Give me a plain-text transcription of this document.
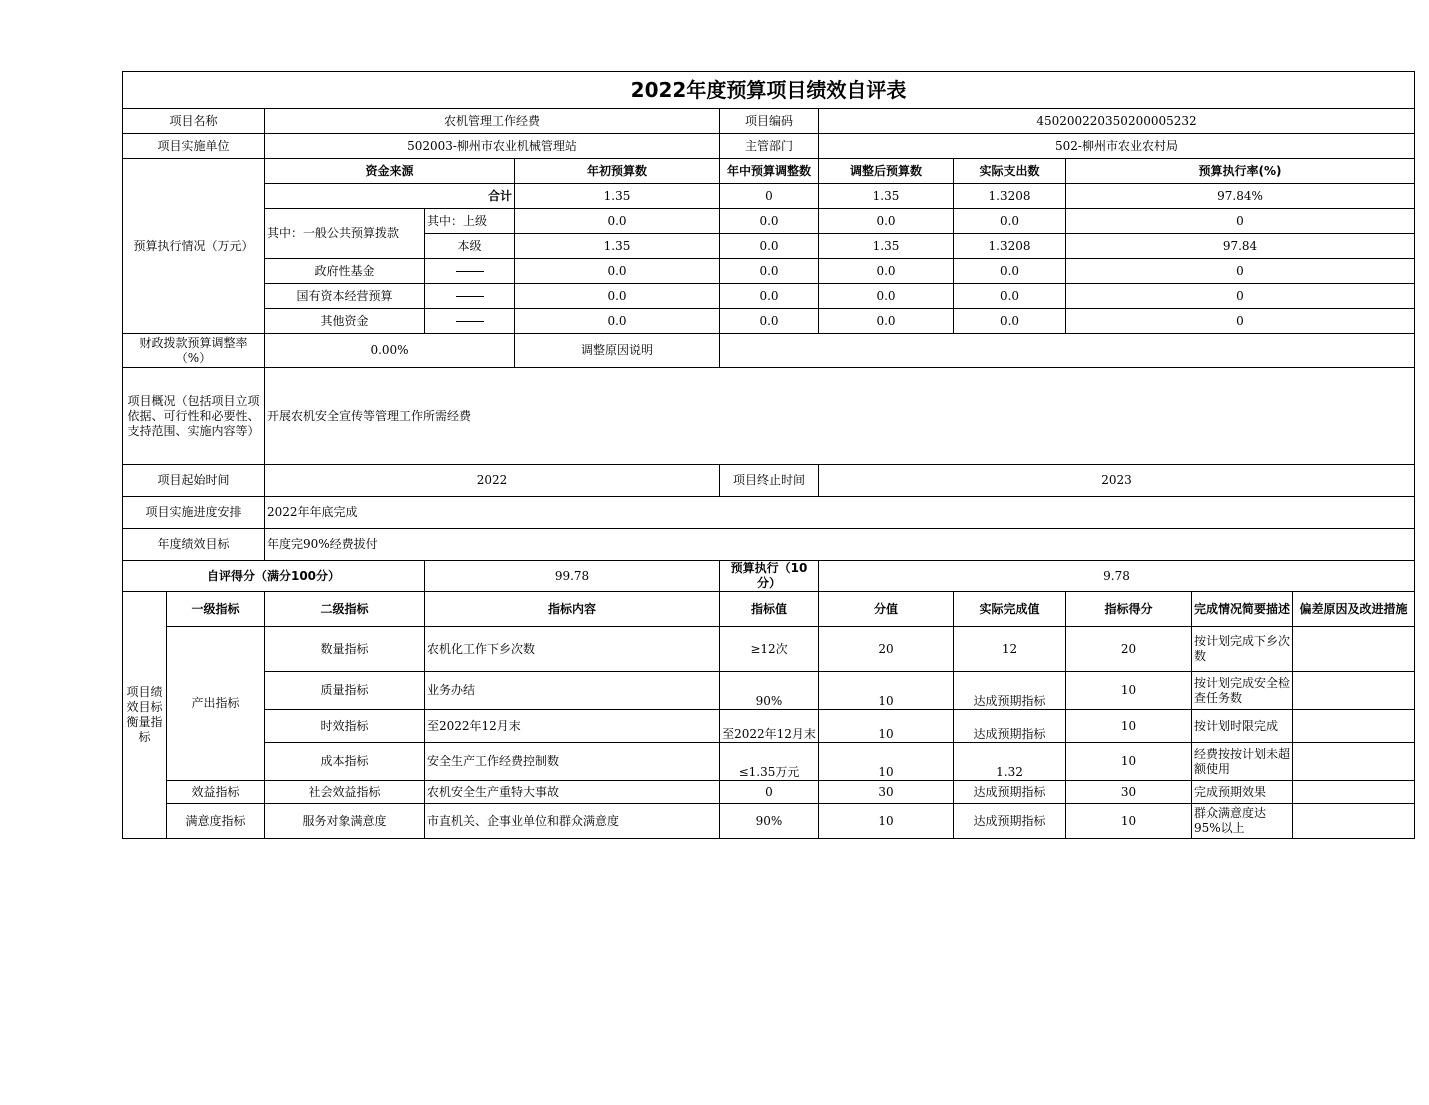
2022年度预算项目绩效自评表										
项目名称		农机管理工作经费			项目编码	450200220350200005232				
项目实施单位		502003-柳州市农业机械管理站			主管部门	502-柳州市农业农村局				
预算执行情况（万元）		资金来源		年初预算数	年中预算调整数	调整后预算数	实际支出数	预算执行率(%)		
		合计		1.35	0	1.35	1.3208	97.84%		
		其中：一般公共预算拨款	其中：上级	0.0	0.0	0.0	0.0	0		
			本级	1.35	0.0	1.35	1.3208	97.84		
		政府性基金		0.0	0.0	0.0	0.0	0		
		国有资本经营预算		0.0	0.0	0.0	0.0	0		
		其他资金		0.0	0.0	0.0	0.0	0		
财政拨款预算调整率（%）		0.00%		调整原因说明						
项目概况（包括项目立项依据、可行性和必要性、支持范围、实施内容等）		开展农机安全宣传等管理工作所需经费								
项目起始时间		2022			项目终止时间	2023				
项目实施进度安排		2022年年底完成								
年度绩效目标		年度完90%经费拔付								
自评得分（满分100分）			99.78		预算执行（10分）	9.78				
项目绩效目标衡量指标	一级指标	二级指标	指标内容		指标值	分值	实际完成值	指标得分	完成情况简要描述	偏差原因及改进措施
	产出指标	数量指标	农机化工作下乡次数		≥12次	20	12	20	按计划完成下乡次数	
		质量指标	业务办结		90%	10	达成预期指标	10	按计划完成安全检查任务数	
		时效指标	至2022年12月末		至2022年12月末	10	达成预期指标	10	按计划时限完成	
		成本指标	安全生产工作经费控制数		≤1.35万元	10	1.32	10	经费按按计划未超额使用	
	效益指标	社会效益指标	农机安全生产重特大事故		0	30	达成预期指标	30	完成预期效果	
	满意度指标	服务对象满意度	市直机关、企事业单位和群众满意度		90%	10	达成预期指标	10	群众满意度达95%以上	
